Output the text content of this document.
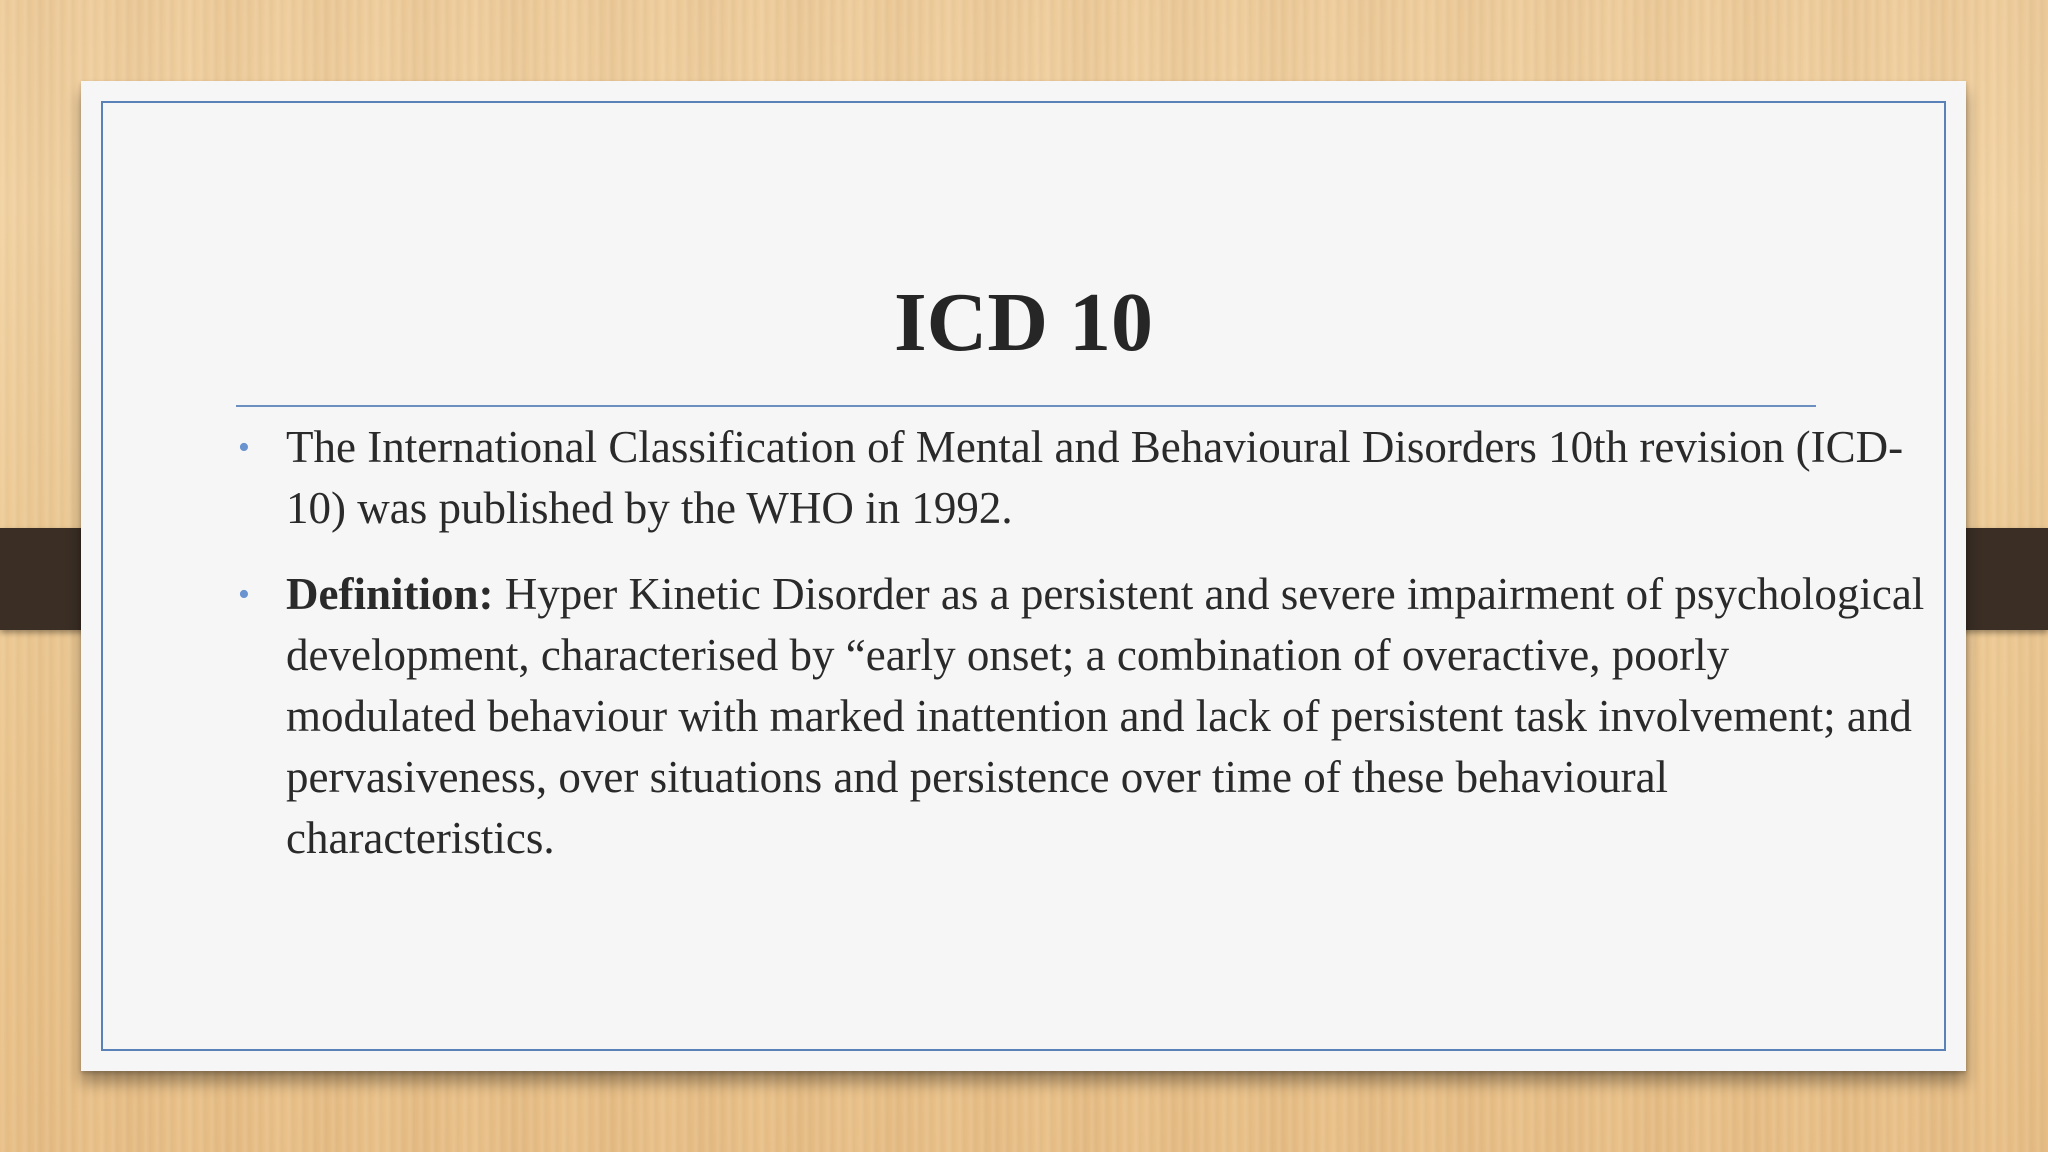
ICD 10
• The International Classification of Mental and Behavioural Disorders 10th revision (ICD-10) was published by the WHO in 1992.
• Definition: Hyper Kinetic Disorder as a persistent and severe impairment of psychological development, characterised by “early onset; a combination of overactive, poorly modulated behaviour with marked inattention and lack of persistent task involvement; and pervasiveness, over situations and persistence over time of these behavioural characteristics.
